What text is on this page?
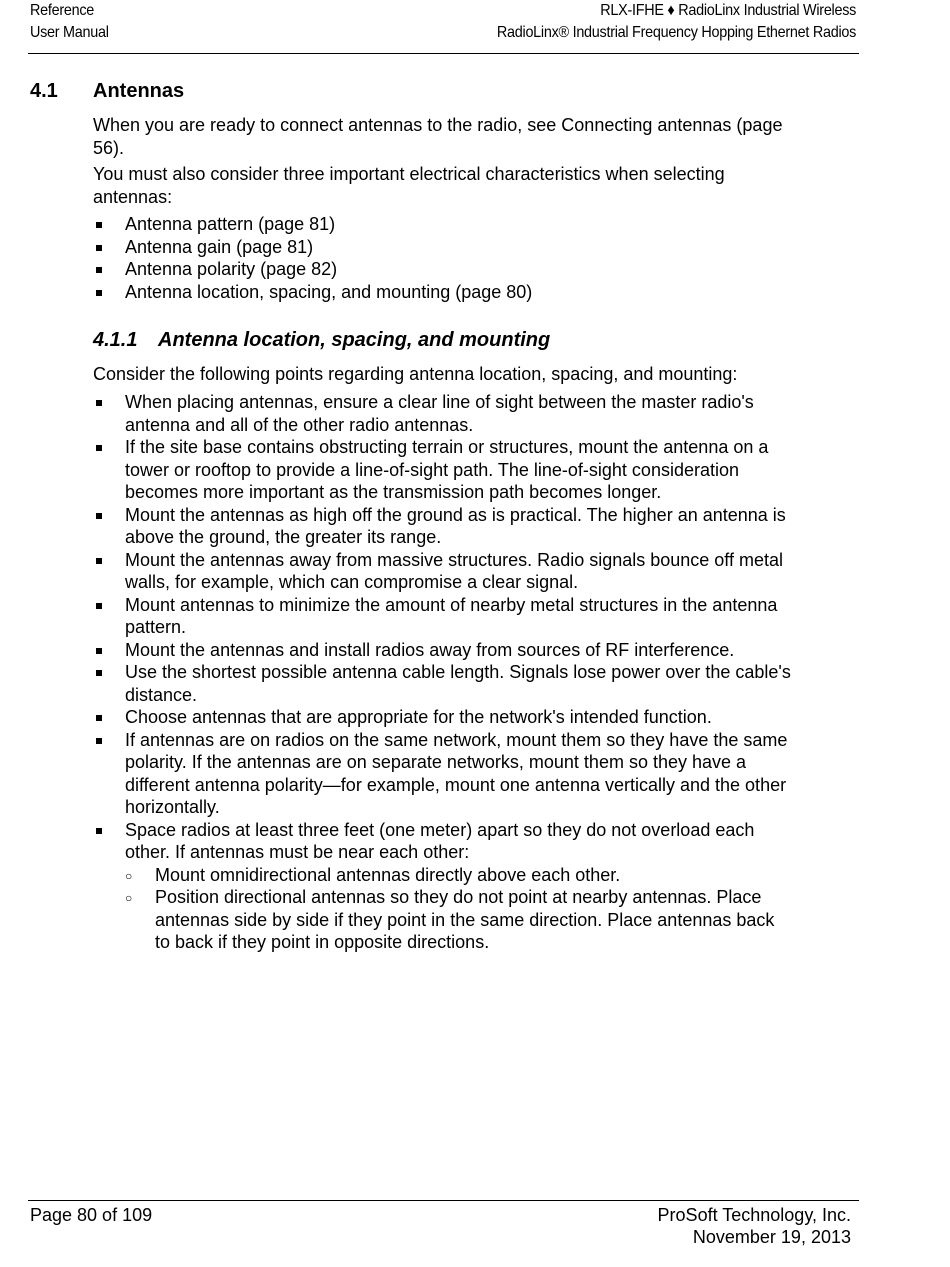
Reference
User Manual
RLX-IFHE ♦ RadioLinx Industrial Wireless
RadioLinx® Industrial Frequency Hopping Ethernet Radios
4.1 Antennas

When you are ready to connect antennas to the radio, see Connecting antennas (page 56).

You must also consider three important electrical characteristics when selecting antennas:

Antenna pattern (page 81)
Antenna gain (page 81)
Antenna polarity (page 82)
Antenna location, spacing, and mounting (page 80)
4.1.1 Antenna location, spacing, and mounting

Consider the following points regarding antenna location, spacing, and mounting:

When placing antennas, ensure a clear line of sight between the master radio's antenna and all of the other radio antennas.
If the site base contains obstructing terrain or structures, mount the antenna on a tower or rooftop to provide a line-of-sight path. The line-of-sight consideration becomes more important as the transmission path becomes longer.
Mount the antennas as high off the ground as is practical. The higher an antenna is above the ground, the greater its range.
Mount the antennas away from massive structures. Radio signals bounce off metal walls, for example, which can compromise a clear signal.
Mount antennas to minimize the amount of nearby metal structures in the antenna pattern.
Mount the antennas and install radios away from sources of RF interference.
Use the shortest possible antenna cable length. Signals lose power over the cable's distance.
Choose antennas that are appropriate for the network's intended function.
If antennas are on radios on the same network, mount them so they have the same polarity. If the antennas are on separate networks, mount them so they have a different antenna polarity—for example, mount one antenna vertically and the other horizontally.
Space radios at least three feet (one meter) apart so they do not overload each other. If antennas must be near each other:
○ Mount omnidirectional antennas directly above each other.
○ Position directional antennas so they do not point at nearby antennas. Place antennas side by side if they point in the same direction. Place antennas back to back if they point in opposite directions.
Page 80 of 109	ProSoft Technology, Inc.
November 19, 2013
